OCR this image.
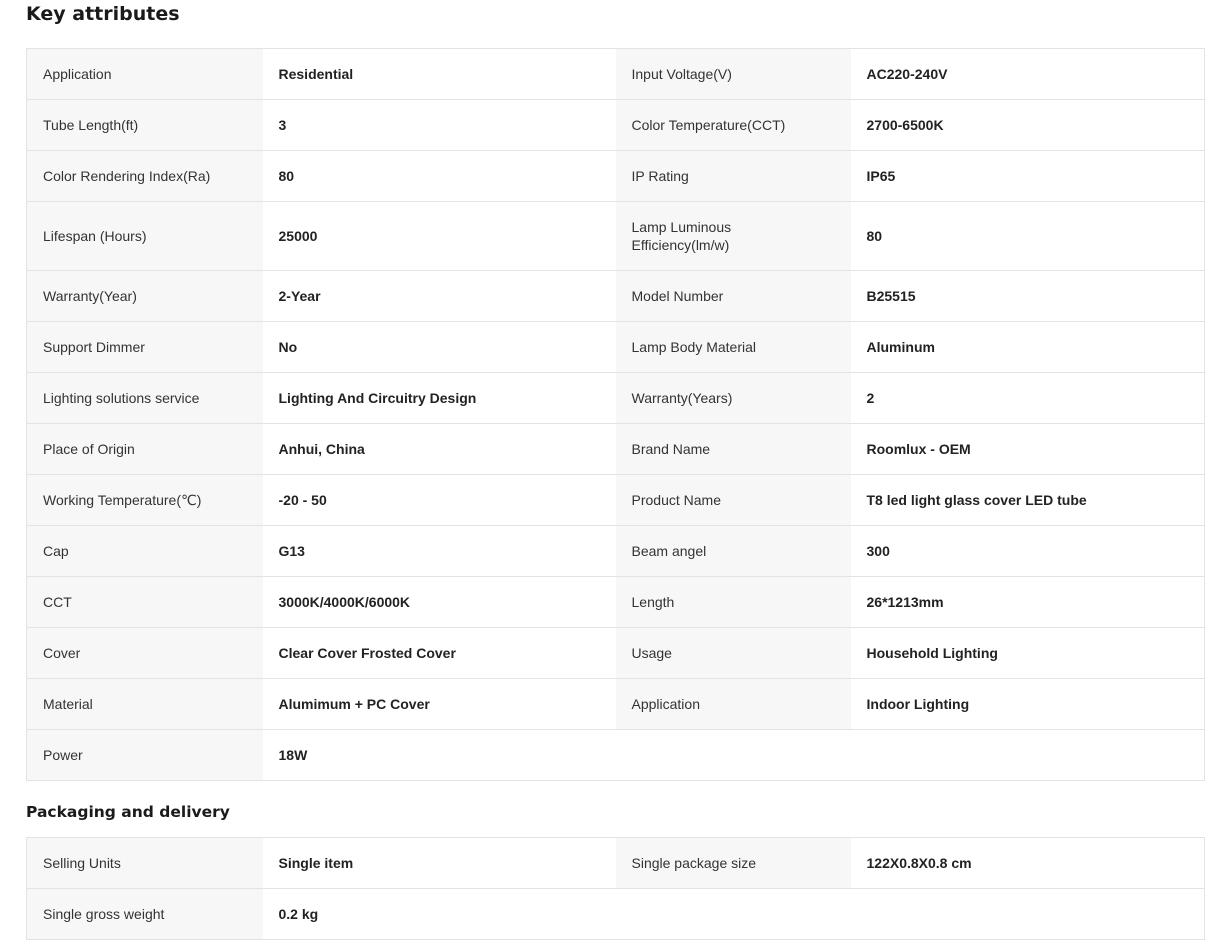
Key attributes
Application	Residential	Input Voltage(V)	AC220-240V
Tube Length(ft)	3	Color Temperature(CCT)	2700-6500K
Color Rendering Index(Ra)	80	IP Rating	IP65
Lifespan (Hours)	25000	Lamp Luminous Efficiency(lm/w)	80
Warranty(Year)	2-Year	Model Number	B25515
Support Dimmer	No	Lamp Body Material	Aluminum
Lighting solutions service	Lighting And Circuitry Design	Warranty(Years)	2
Place of Origin	Anhui, China	Brand Name	Roomlux - OEM
Working Temperature(℃)	-20 - 50	Product Name	T8 led light glass cover LED tube
Cap	G13	Beam angel	300
CCT	3000K/4000K/6000K	Length	26*1213mm
Cover	Clear Cover Frosted Cover	Usage	Household Lighting
Material	Alumimum + PC Cover	Application	Indoor Lighting
Power	18W		
Packaging and delivery
Selling Units	Single item	Single package size	122X0.8X0.8 cm
Single gross weight	0.2 kg		
